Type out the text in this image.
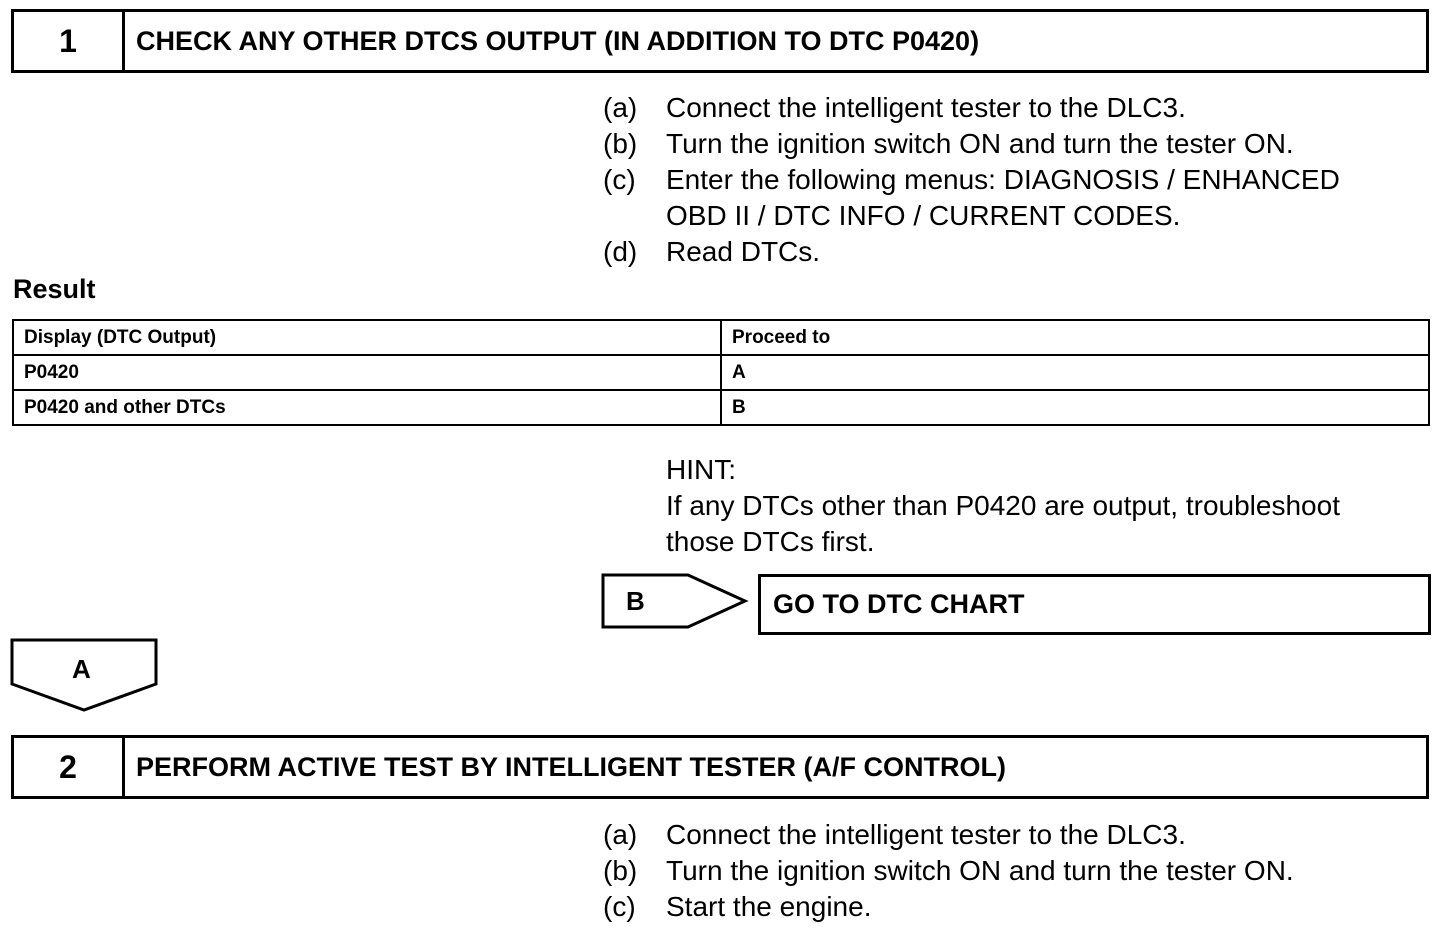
1	CHECK ANY OTHER DTCS OUTPUT (IN ADDITION TO DTC P0420)
(a)	Connect the intelligent tester to the DLC3.
(b)	Turn the ignition switch ON and turn the tester ON.
(c)	Enter the following menus: DIAGNOSIS / ENHANCED
OBD II / DTC INFO / CURRENT CODES.
(d)	Read DTCs.
Result
Display (DTC Output)	Proceed to
P0420	A
P0420 and other DTCs	B
HINT:
If any DTCs other than P0420 are output, troubleshoot
those DTCs first.
B	GO TO DTC CHART
A
2	PERFORM ACTIVE TEST BY INTELLIGENT TESTER (A/F CONTROL)
(a)	Connect the intelligent tester to the DLC3.
(b)	Turn the ignition switch ON and turn the tester ON.
(c)	Start the engine.
